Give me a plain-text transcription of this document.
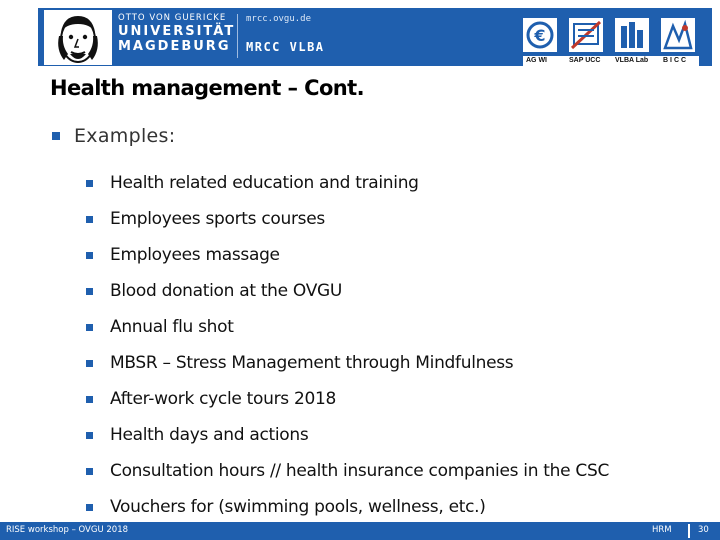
OTTO VON GUERICKE
UNIVERSITÄT
MAGDEBURG
mrcc.ovgu.de
MRCC VLBA
€
AG WI	SAP UCC VLBA Lab BICC
Health management – Cont.
Examples:
Health related education and training
Employees sports courses
Employees massage
Blood donation at the OVGU
Annual flu shot
MBSR – Stress Management through Mindfulness
After-work cycle tours 2018
Health days and actions
Consultation hours // health insurance companies in the CSC
Vouchers for (swimming pools, wellness, etc.)
RISE workshop – OVGU 2018	HRM	30
